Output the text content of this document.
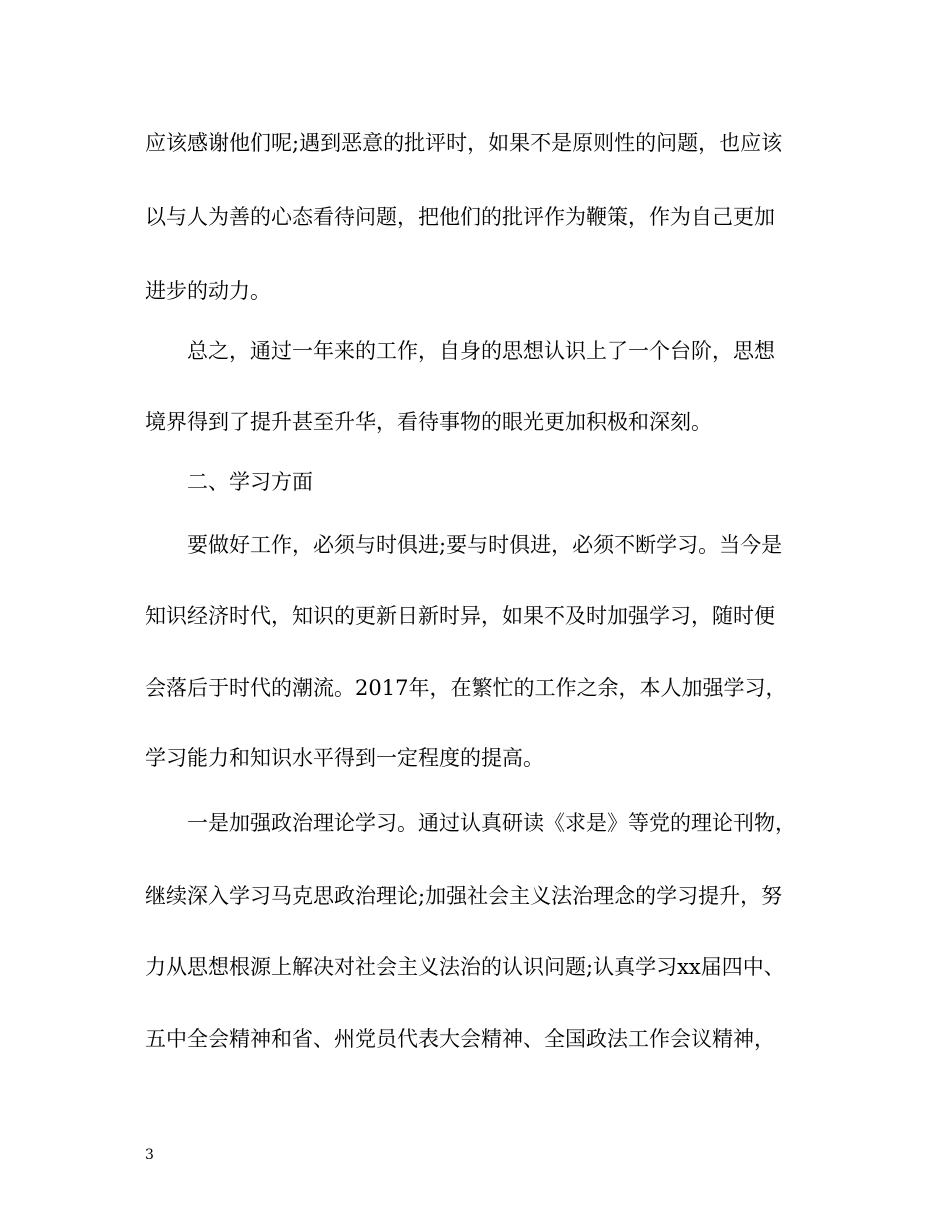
应该感谢他们呢;遇到恶意的批评时，如果不是原则性的问题，也应该
以与人为善的心态看待问题，把他们的批评作为鞭策，作为自己更加
进步的动力。
总之，通过一年来的工作，自身的思想认识上了一个台阶，思想
境界得到了提升甚至升华，看待事物的眼光更加积极和深刻。
二、学习方面
要做好工作，必须与时俱进;要与时俱进，必须不断学习。当今是
知识经济时代，知识的更新日新时异，如果不及时加强学习，随时便
会落后于时代的潮流。2017年，在繁忙的工作之余，本人加强学习，
学习能力和知识水平得到一定程度的提高。
一是加强政治理论学习。通过认真研读《求是》等党的理论刊物，
继续深入学习马克思政治理论;加强社会主义法治理念的学习提升，努
力从思想根源上解决对社会主义法治的认识问题;认真学习xx届四中、
五中全会精神和省、州党员代表大会精神、全国政法工作会议精神，
3
